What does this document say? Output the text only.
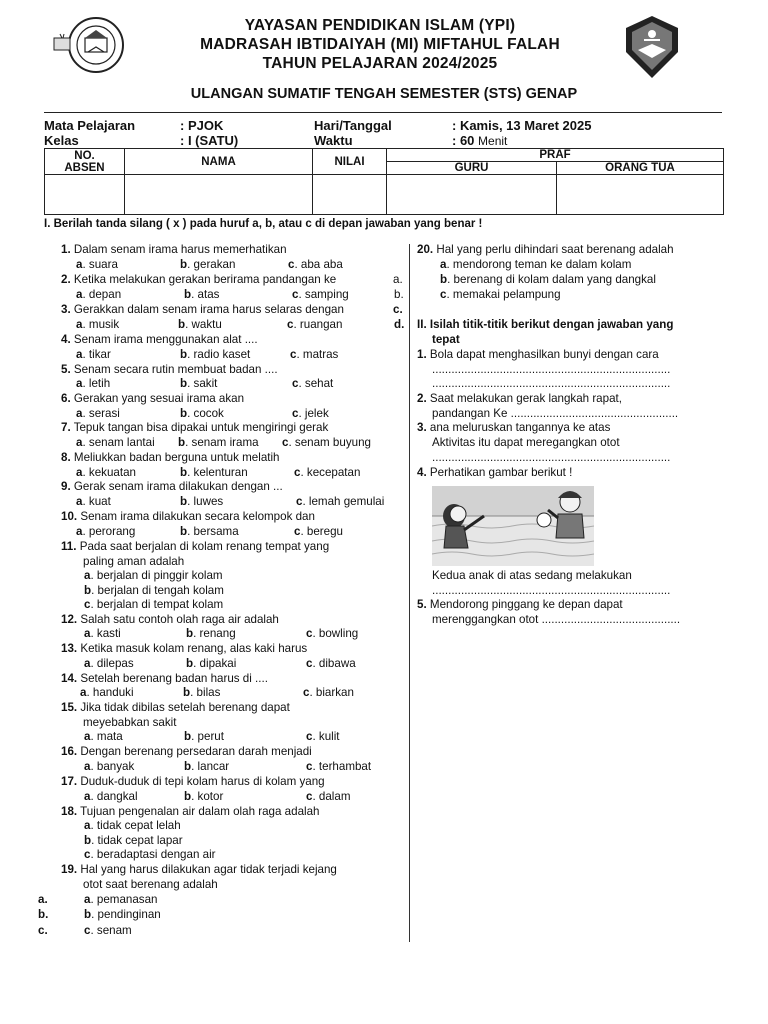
YAYASAN PENDIDIKAN ISLAM (YPI)
MADRASAH IBTIDAIYAH (MI) MIFTAHUL FALAH
TAHUN PELAJARAN 2024/2025
ULANGAN SUMATIF TENGAH SEMESTER (STS) GENAP
Mata Pelajaran	: PJOK	Hari/Tanggal	: Kamis, 13 Maret 2025
Kelas	: I (SATU)	Waktu	: 60 Menit
NO.
ABSEN	NAMA	NILAI	PRAF	
			GURU	ORANG TUA

I. Berilah tanda silang ( x ) pada huruf a, b, atau c di depan jawaban yang benar !
1. Dalam senam irama harus memerhatikan
a. suara	b. gerakan	c. aba aba
2. Ketika melakukan gerakan berirama pandangan ke
a. depan	b. atas	c. samping
3. Gerakkan dalam senam irama harus selaras dengan
a. musik	b. waktu	c. ruangan
a.
b.
c.
d.
4. Senam irama menggunakan alat ....
a. tikar	b. radio kaset	c. matras
5. Senam secara rutin membuat badan ....
a. letih	b. sakit	c. sehat
6. Gerakan yang sesuai irama akan
a. serasi	b. cocok	c. jelek
7. Tepuk tangan bisa dipakai untuk mengiringi gerak
a. senam lantai b. senam irama c. senam buyung
8. Meliukkan badan berguna untuk melatih
a. kekuatan	b. kelenturan	c. kecepatan
9. Gerak senam irama dilakukan dengan ...
a. kuat	b. luwes	c. lemah gemulai
10. Senam irama dilakukan secara kelompok dan
a. perorang	b. bersama	c. beregu
11. Pada saat berjalan di kolam renang tempat yang
paling aman adalah
a. berjalan di pinggir kolam
b. berjalan di tengah kolam
c. berjalan di tempat kolam
12. Salah satu contoh olah raga air adalah
a. kasti	b. renang	c. bowling
13. Ketika masuk kolam renang, alas kaki harus
a. dilepas	b. dipakai	c. dibawa
14. Setelah berenang badan harus di ....
a. handuki	b. bilas	c. biarkan
15. Jika tidak dibilas setelah berenang dapat
meyebabkan sakit
a. mata	b. perut	c. kulit
16. Dengan berenang persedaran darah menjadi
a. banyak	b. lancar	c. terhambat
17. Duduk-duduk di tepi kolam harus di kolam yang
a. dangkal	b. kotor	c. dalam
18. Tujuan pengenalan air dalam olah raga adalah
a. tidak cepat lelah
b. tidak cepat lapar
c. beradaptasi dengan air
19. Hal yang harus dilakukan agar tidak terjadi kejang
otot saat berenang adalah
a.	a. pemanasan
b.	b. pendinginan
c.	c. senam
20. Hal yang perlu dihindari saat berenang adalah
a. mendorong teman ke dalam kolam
b. berenang di kolam dalam yang dangkal
c. memakai pelampung
II. Isilah titik-titik berikut dengan jawaban yang
tepat
1. Bola dapat menghasilkan bunyi dengan cara
..........................................................................
..........................................................................
2. Saat melakukan gerak langkah rapat,
pandangan Ke ....................................................
3. ana meluruskan tangannya ke atas
Aktivitas itu dapat meregangkan otot
..........................................................................
4. Perhatikan gambar berikut !
Kedua anak di atas sedang melakukan
..........................................................................
5. Mendorong pinggang ke depan dapat
merenggangkan otot ...........................................
